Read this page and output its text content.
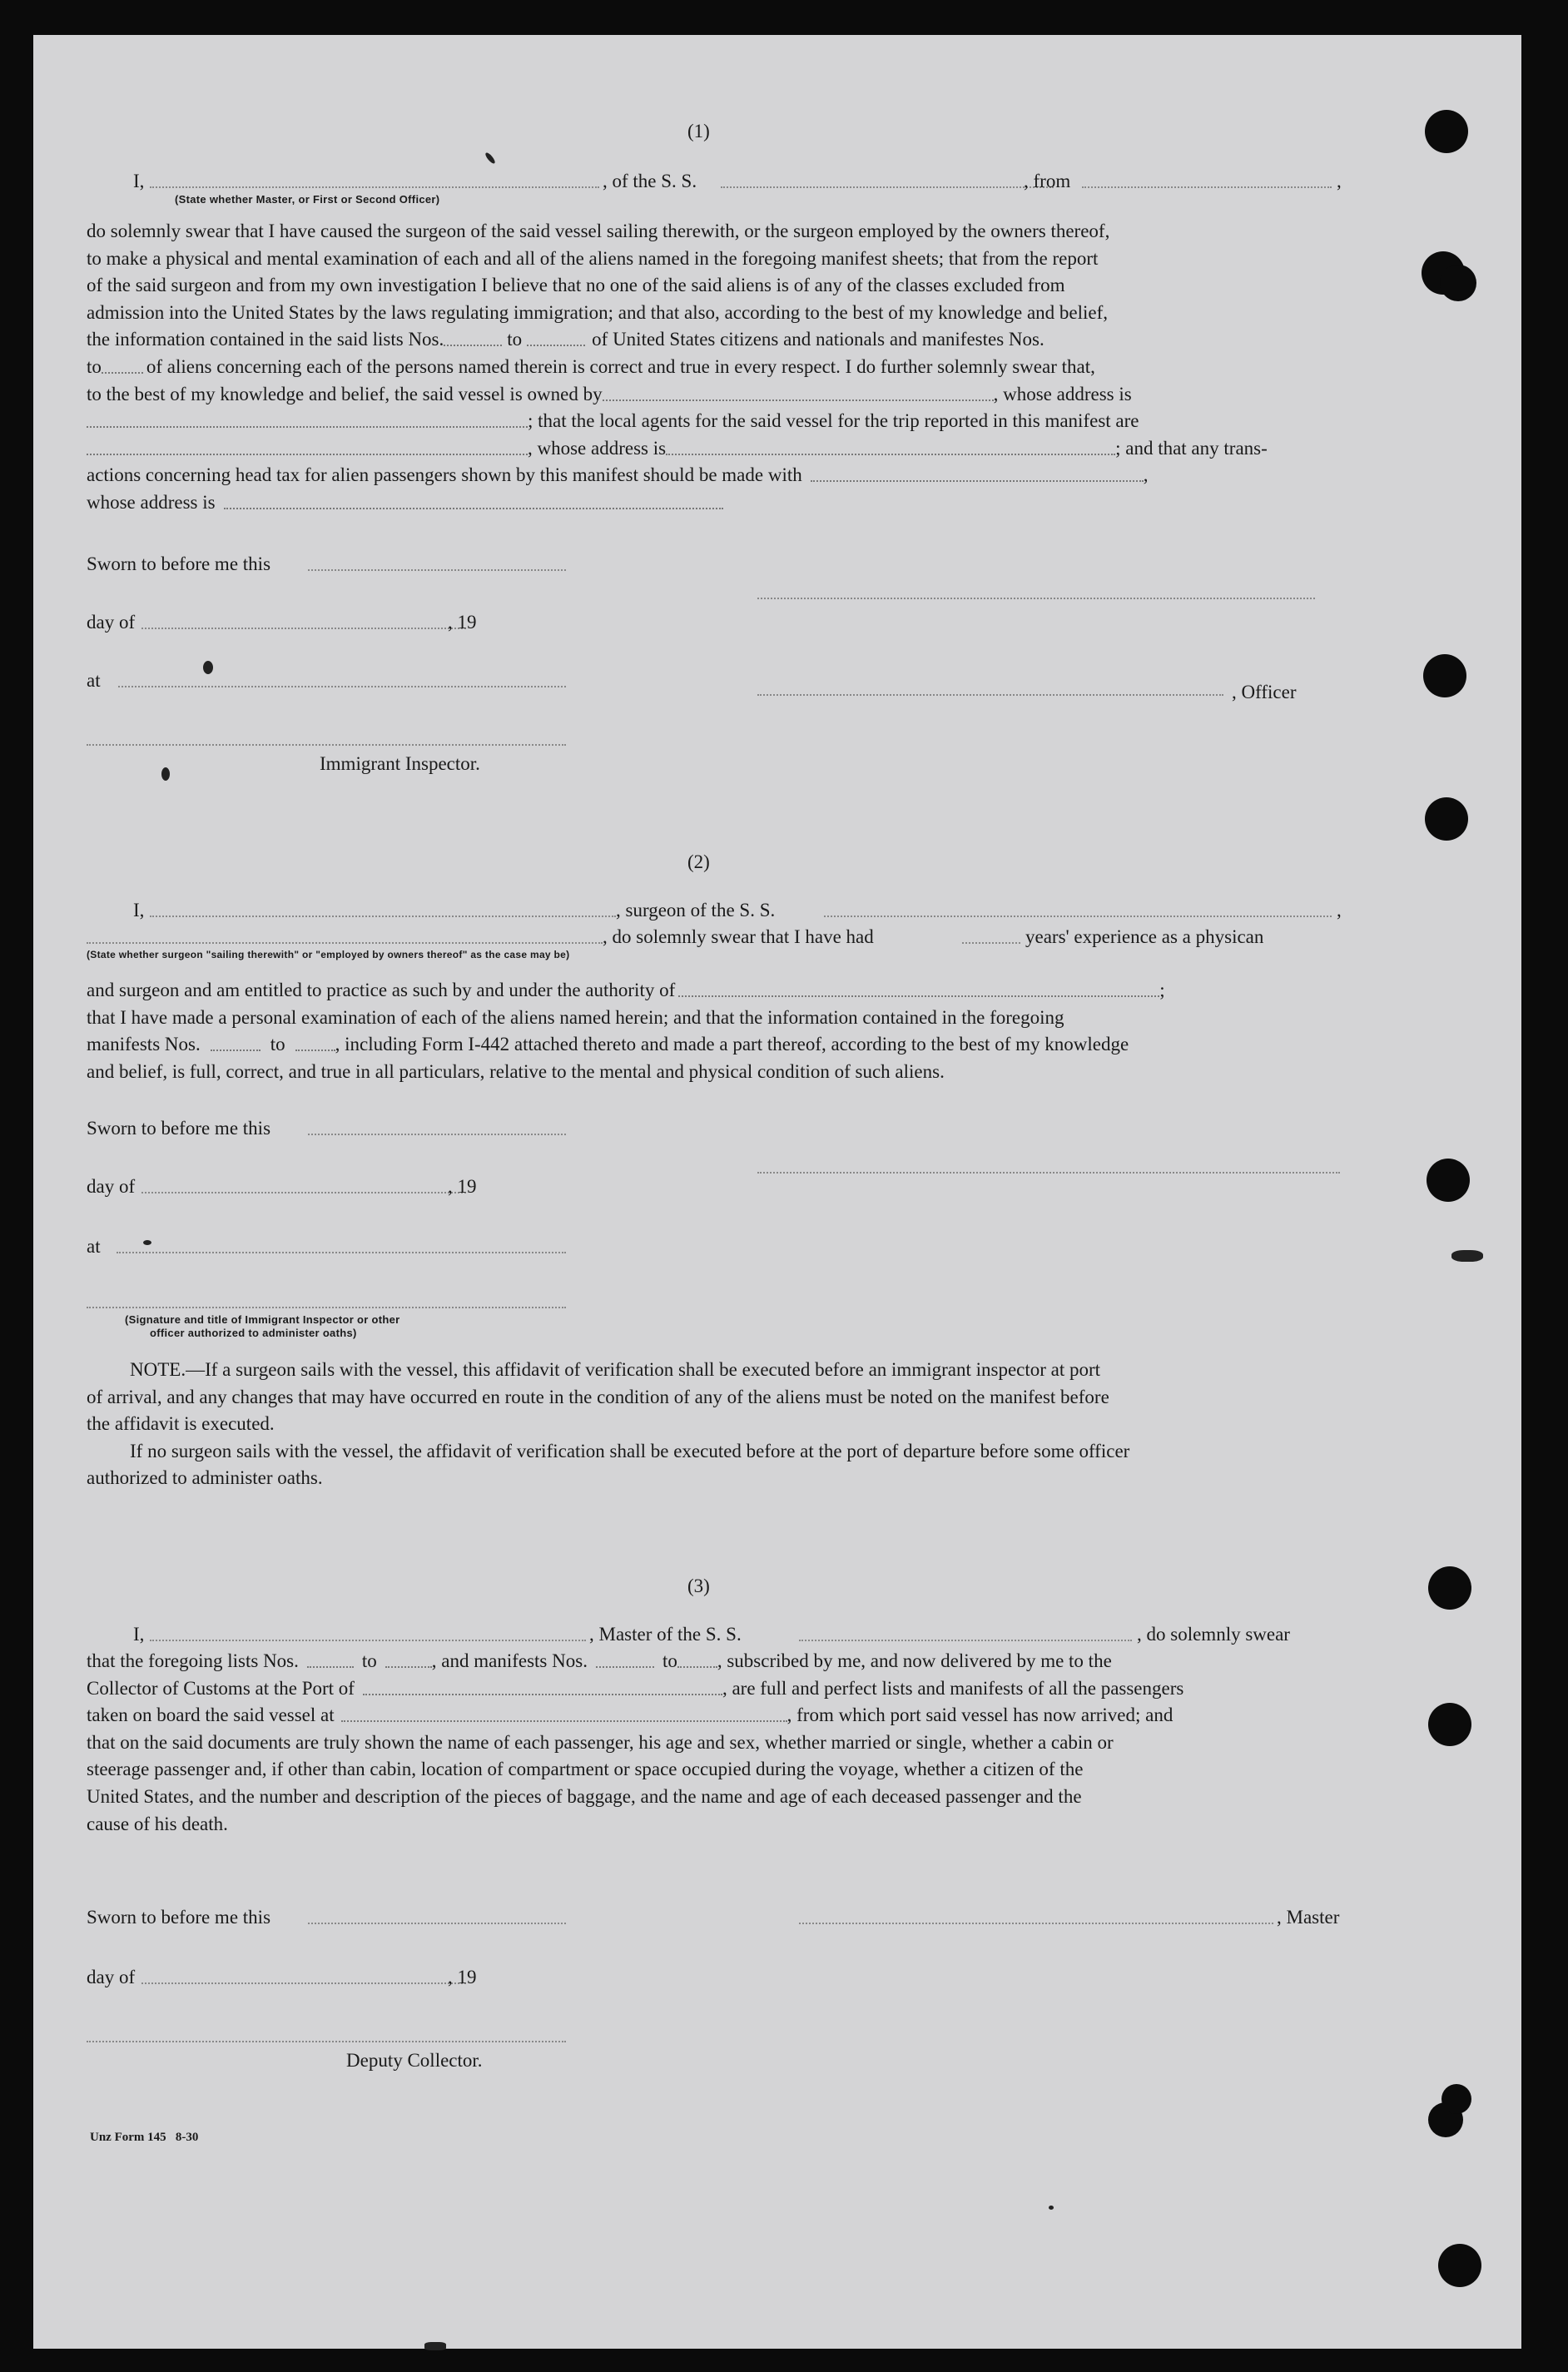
(1)
I,	, of the S. S.	, from	,
(State whether Master, or First or Second Officer)
do solemnly swear that I have caused the surgeon of the said vessel sailing therewith, or the surgeon employed by the owners thereof,
to make a physical and mental examination of each and all of the aliens named in the foregoing manifest sheets; that from the report
of the said surgeon and from my own investigation I believe that no one of the said aliens is of any of the classes excluded from
admission into the United States by the laws regulating immigration; and that also, according to the best of my knowledge and belief,
the information contained in the said lists Nos.	to	of United States citizens and nationals and manifestes Nos.
to of aliens concerning each of the persons named therein is correct and true in every respect. I do further solemnly swear that,
to the best of my knowledge and belief, the said vessel is owned by	, whose address is
; that the local agents for the said vessel for the trip reported in this manifest are
, whose address is	; and that any trans-
actions concerning head tax for alien passengers shown by this manifest should be made with	,
whose address is
Sworn to before me this
day of	, 19
at
, Officer
Immigrant Inspector.
(2)
I,	, surgeon of the S. S.	,
, do solemnly swear that I have had	years' experience as a physican
(State whether surgeon "sailing therewith" or "employed by owners thereof" as the case may be)
and surgeon and am entitled to practice as such by and under the authority of	;
that I have made a personal examination of each of the aliens named herein; and that the information contained in the foregoing
manifests Nos.	to	, including Form I-442 attached thereto and made a part thereof, according to the best of my knowledge
and belief, is full, correct, and true in all particulars, relative to the mental and physical condition of such aliens.
Sworn to before me this
day of	, 19
at
(Signature and title of Immigrant Inspector or other
officer authorized to administer oaths)
NOTE.—If a surgeon sails with the vessel, this affidavit of verification shall be executed before an immigrant inspector at port
of arrival, and any changes that may have occurred en route in the condition of any of the aliens must be noted on the manifest before
the affidavit is executed.
If no surgeon sails with the vessel, the affidavit of verification shall be executed before at the port of departure before some officer
authorized to administer oaths.
(3)
I,	, Master of the S. S.	, do solemnly swear
that the foregoing lists Nos.	to	, and manifests Nos.	to , subscribed by me, and now delivered by me to the
Collector of Customs at the Port of	, are full and perfect lists and manifests of all the passengers
taken on board the said vessel at	, from which port said vessel has now arrived; and
that on the said documents are truly shown the name of each passenger, his age and sex, whether married or single, whether a cabin or
steerage passenger and, if other than cabin, location of compartment or space occupied during the voyage, whether a citizen of the
United States, and the number and description of the pieces of baggage, and the name and age of each deceased passenger and the
cause of his death.
Sworn to before me this	, Master
day of	, 19
Deputy Collector.
Unz Form 145   8-30
